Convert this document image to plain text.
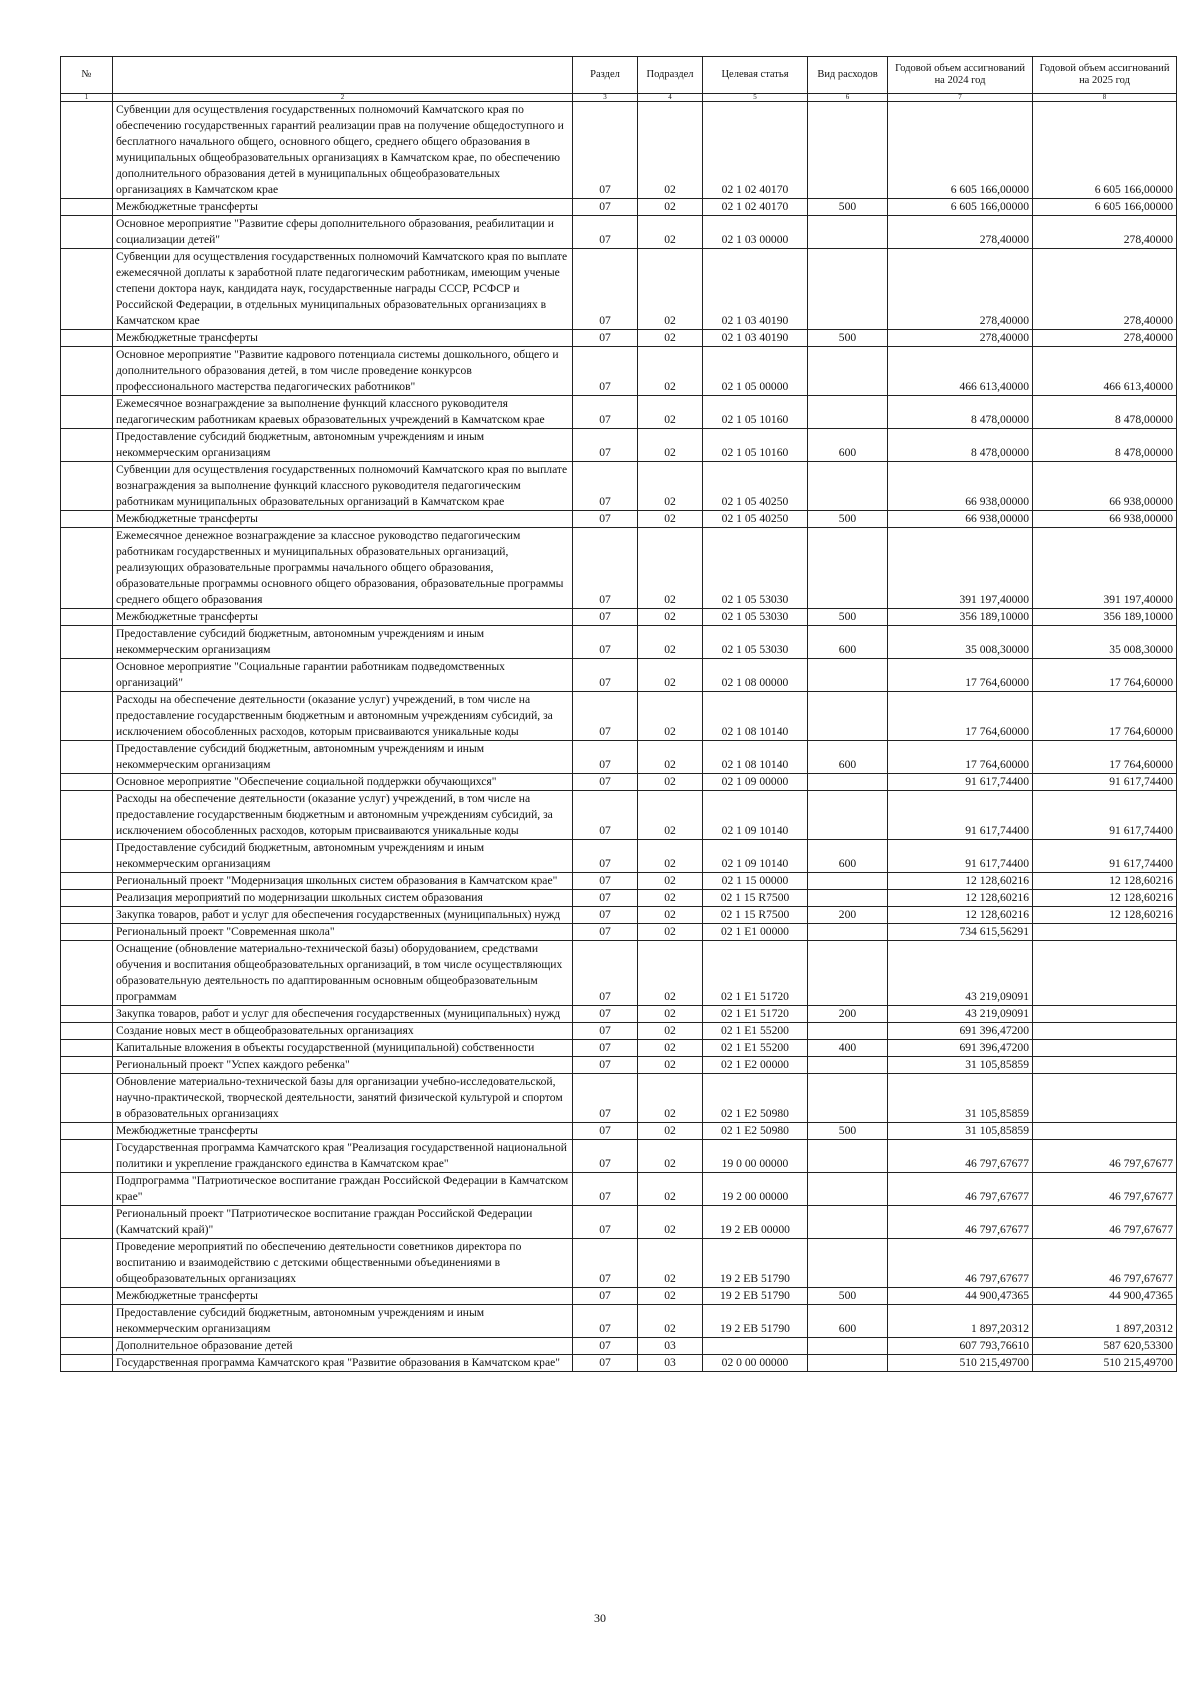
№		Раздел	Подраздел	Целевая статья	Вид расходов	Годовой объем ассигнований на 2024 год	Годовой объем ассигнований на 2025 год
1	2	3	4	5	6	7	8
	Субвенции для осуществления государственных полномочий Камчатского края по обеспечению государственных гарантий реализации прав на получение общедоступного и бесплатного начального общего, основного общего, среднего общего образования в муниципальных общеобразовательных организациях в Камчатском крае, по обеспечению дополнительного образования детей в муниципальных общеобразовательных организациях в Камчатском крае	07	02	02 1 02 40170		6 605 166,00000	6 605 166,00000
	Межбюджетные трансферты	07	02	02 1 02 40170	500	6 605 166,00000	6 605 166,00000
	Основное мероприятие "Развитие сферы дополнительного образования, реабилитации и социализации детей"	07	02	02 1 03 00000		278,40000	278,40000
	Субвенции для осуществления государственных полномочий Камчатского края по выплате ежемесячной доплаты к заработной плате педагогическим работникам, имеющим ученые степени доктора наук, кандидата наук, государственные награды СССР, РСФСР и Российской Федерации, в отдельных муниципальных образовательных организациях в Камчатском крае	07	02	02 1 03 40190		278,40000	278,40000
	Межбюджетные трансферты	07	02	02 1 03 40190	500	278,40000	278,40000
	Основное мероприятие "Развитие кадрового потенциала системы дошкольного, общего и дополнительного образования детей, в том числе проведение конкурсов профессионального мастерства педагогических работников"	07	02	02 1 05 00000		466 613,40000	466 613,40000
	Ежемесячное вознаграждение за выполнение функций классного руководителя педагогическим работникам краевых образовательных учреждений в Камчатском крае	07	02	02 1 05 10160		8 478,00000	8 478,00000
	Предоставление субсидий бюджетным, автономным учреждениям и иным некоммерческим организациям	07	02	02 1 05 10160	600	8 478,00000	8 478,00000
	Субвенции для осуществления государственных полномочий Камчатского края по выплате вознаграждения за выполнение функций классного руководителя педагогическим работникам муниципальных образовательных организаций в Камчатском крае	07	02	02 1 05 40250		66 938,00000	66 938,00000
	Межбюджетные трансферты	07	02	02 1 05 40250	500	66 938,00000	66 938,00000
	Ежемесячное денежное вознаграждение за классное руководство педагогическим работникам государственных и муниципальных образовательных организаций, реализующих образовательные программы начального общего образования, образовательные программы основного общего образования, образовательные программы среднего общего образования	07	02	02 1 05 53030		391 197,40000	391 197,40000
	Межбюджетные трансферты	07	02	02 1 05 53030	500	356 189,10000	356 189,10000
	Предоставление субсидий бюджетным, автономным учреждениям и иным некоммерческим организациям	07	02	02 1 05 53030	600	35 008,30000	35 008,30000
	Основное мероприятие "Социальные гарантии работникам подведомственных организаций"	07	02	02 1 08 00000		17 764,60000	17 764,60000
	Расходы на обеспечение деятельности (оказание услуг) учреждений, в том числе на предоставление государственным бюджетным и автономным учреждениям субсидий, за исключением обособленных расходов, которым присваиваются уникальные коды	07	02	02 1 08 10140		17 764,60000	17 764,60000
	Предоставление субсидий бюджетным, автономным учреждениям и иным некоммерческим организациям	07	02	02 1 08 10140	600	17 764,60000	17 764,60000
	Основное мероприятие "Обеспечение социальной поддержки обучающихся"	07	02	02 1 09 00000		91 617,74400	91 617,74400
	Расходы на обеспечение деятельности (оказание услуг) учреждений, в том числе на предоставление государственным бюджетным и автономным учреждениям субсидий, за исключением обособленных расходов, которым присваиваются уникальные коды	07	02	02 1 09 10140		91 617,74400	91 617,74400
	Предоставление субсидий бюджетным, автономным учреждениям и иным некоммерческим организациям	07	02	02 1 09 10140	600	91 617,74400	91 617,74400
	Региональный проект "Модернизация школьных систем образования в Камчатском крае"	07	02	02 1 15 00000		12 128,60216	12 128,60216
	Реализация мероприятий по модернизации школьных систем образования	07	02	02 1 15 R7500		12 128,60216	12 128,60216
	Закупка товаров, работ и услуг для обеспечения государственных (муниципальных) нужд	07	02	02 1 15 R7500	200	12 128,60216	12 128,60216
	Региональный проект "Современная школа"	07	02	02 1 E1 00000		734 615,56291	
	Оснащение (обновление материально-технической базы) оборудованием, средствами обучения и воспитания общеобразовательных организаций, в том числе осуществляющих образовательную деятельность по адаптированным основным общеобразовательным программам	07	02	02 1 E1 51720		43 219,09091	
	Закупка товаров, работ и услуг для обеспечения государственных (муниципальных) нужд	07	02	02 1 E1 51720	200	43 219,09091	
	Создание новых мест в общеобразовательных организациях	07	02	02 1 E1 55200		691 396,47200	
	Капитальные вложения в объекты государственной (муниципальной) собственности	07	02	02 1 E1 55200	400	691 396,47200	
	Региональный проект "Успех каждого ребенка"	07	02	02 1 E2 00000		31 105,85859	
	Обновление материально-технической базы для организации учебно-исследовательской, научно-практической, творческой деятельности, занятий физической культурой и спортом в образовательных организациях	07	02	02 1 E2 50980		31 105,85859	
	Межбюджетные трансферты	07	02	02 1 E2 50980	500	31 105,85859	
	Государственная программа Камчатского края "Реализация государственной национальной политики и укрепление гражданского единства в Камчатском крае"	07	02	19 0 00 00000		46 797,67677	46 797,67677
	Подпрограмма "Патриотическое воспитание граждан Российской Федерации в Камчатском крае"	07	02	19 2 00 00000		46 797,67677	46 797,67677
	Региональный проект "Патриотическое воспитание граждан Российской Федерации (Камчатский край)"	07	02	19 2 EB 00000		46 797,67677	46 797,67677
	Проведение мероприятий по обеспечению деятельности советников директора по воспитанию и взаимодействию с детскими общественными объединениями в общеобразовательных организациях	07	02	19 2 EB 51790		46 797,67677	46 797,67677
	Межбюджетные трансферты	07	02	19 2 EB 51790	500	44 900,47365	44 900,47365
	Предоставление субсидий бюджетным, автономным учреждениям и иным некоммерческим организациям	07	02	19 2 EB 51790	600	1 897,20312	1 897,20312
	Дополнительное образование детей	07	03			607 793,76610	587 620,53300
	Государственная программа Камчатского края "Развитие образования в Камчатском крае"	07	03	02 0 00 00000		510 215,49700	510 215,49700
30
